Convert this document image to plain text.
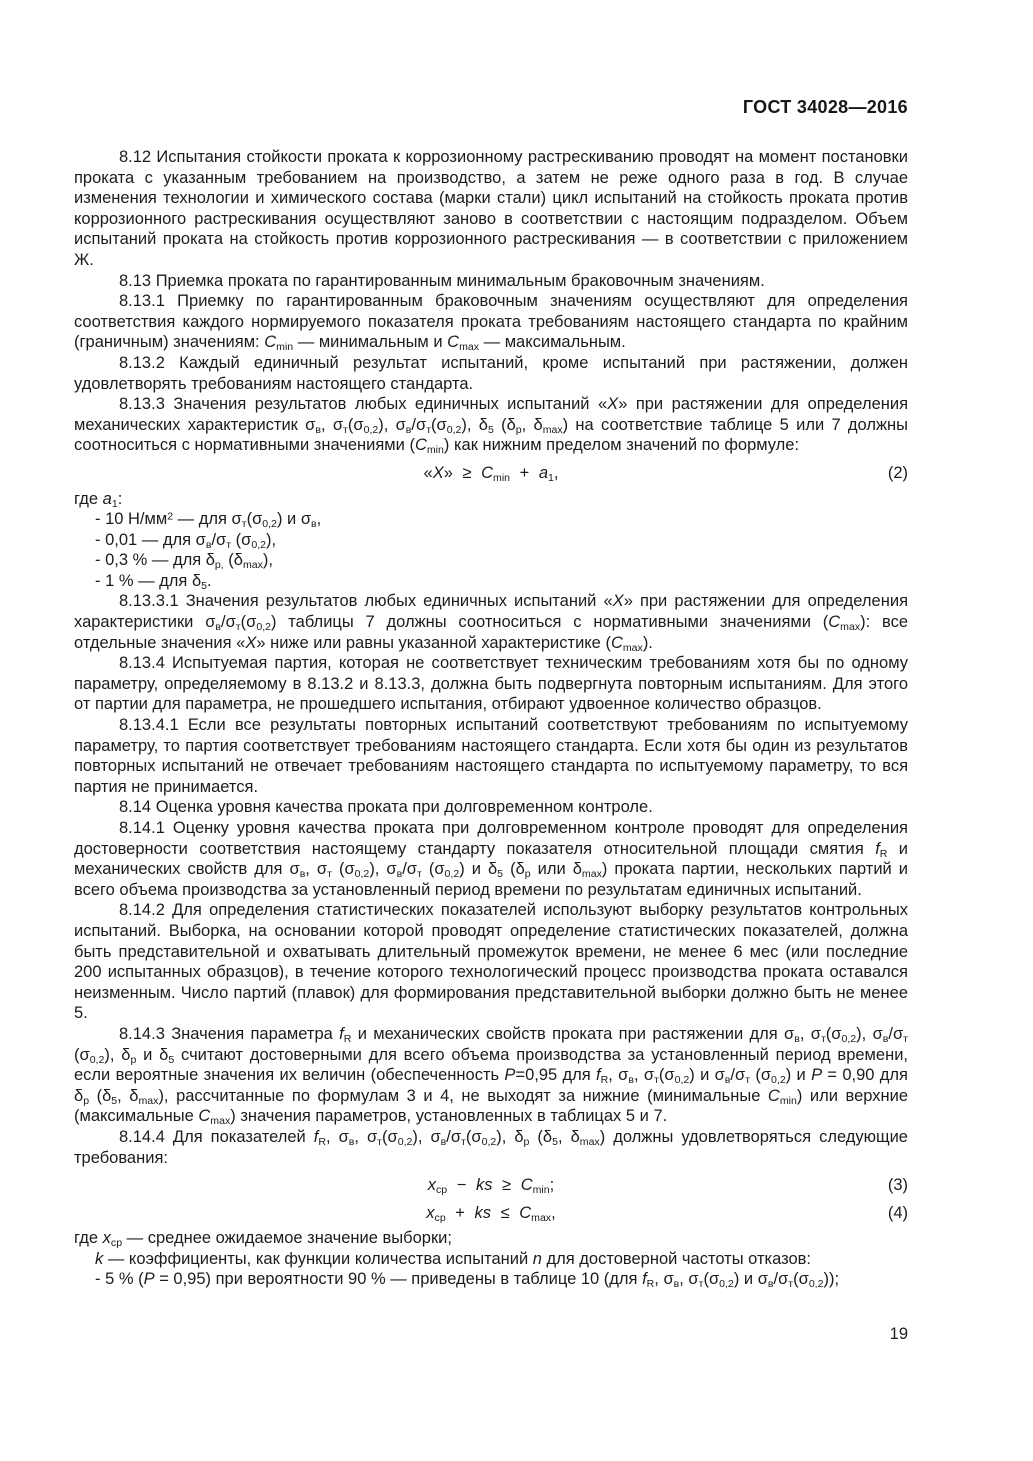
ГОСТ 34028—2016
8.12 Испытания стойкости проката к коррозионному растрескиванию проводят на момент постановки проката с указанным требованием на производство, а затем не реже одного раза в год. В случае изменения технологии и химического состава (марки стали) цикл испытаний на стойкость проката против коррозионного растрескивания осуществляют заново в соответствии с настоящим подразделом. Объем испытаний проката на стойкость против коррозионного растрескивания — в соответствии с приложением Ж.
8.13 Приемка проката по гарантированным минимальным браковочным значениям.
8.13.1 Приемку по гарантированным браковочным значениям осуществляют для определения соответствия каждого нормируемого показателя проката требованиям настоящего стандарта по крайним (граничным) значениям: $C_{min}$ — минимальным и $C_{max}$ — максимальным.
8.13.2 Каждый единичный результат испытаний, кроме испытаний при растяжении, должен удовлетворять требованиям настоящего стандарта.
8.13.3 Значения результатов любых единичных испытаний «X» при растяжении для определения механических характеристик $\sigma_в$, $\sigma_т(\sigma_{0,2})$, $\sigma_в/\sigma_т(\sigma_{0,2})$, $\delta_5$ ($\delta_p$, $\delta_{max}$) на соответствие таблице 5 или 7 должны соотноситься с нормативными значениями $(C_{min})$ как нижним пределом значений по формуле:
«X» ≥ $C_{min} + a_1$,	(2)
где $a_1$:
- 10 $Н/мм^2$ — для $\sigma_т(\sigma_{0,2})$ и $\sigma_в$,
- 0,01 — для $\sigma_в/\sigma_т$ $(\sigma_{0,2})$,
- 0,3 % — для $\delta_{p,}$ $(\delta_{max})$,
- 1 % — для $\delta_5$.
8.13.3.1 Значения результатов любых единичных испытаний «X» при растяжении для определения характеристики $\sigma_в/\sigma_т(\sigma_{0,2})$ таблицы 7 должны соотноситься с нормативными значениями $(C_{max})$: все отдельные значения «X» ниже или равны указанной характеристике $(C_{max})$.
8.13.4 Испытуемая партия, которая не соответствует техническим требованиям хотя бы по одному параметру, определяемому в 8.13.2 и 8.13.3, должна быть подвергнута повторным испытаниям. Для этого от партии для параметра, не прошедшего испытания, отбирают удвоенное количество образцов.
8.13.4.1 Если все результаты повторных испытаний соответствуют требованиям по испытуемому параметру, то партия соответствует требованиям настоящего стандарта. Если хотя бы один из результатов повторных испытаний не отвечает требованиям настоящего стандарта по испытуемому параметру, то вся партия не принимается.
8.14 Оценка уровня качества проката при долговременном контроле.
8.14.1 Оценку уровня качества проката при долговременном контроле проводят для определения достоверности соответствия настоящему стандарту показателя относительной площади смятия $f_R$ и механических свойств для $\sigma_в$, $\sigma_т$ $(\sigma_{0,2})$, $\sigma_в/\sigma_т$ $(\sigma_{0,2})$ и $\delta_5$ ($\delta_p$ или $\delta_{max}$) проката партии, нескольких партий и всего объема производства за установленный период времени по результатам единичных испытаний.
8.14.2 Для определения статистических показателей используют выборку результатов контрольных испытаний. Выборка, на основании которой проводят определение статистических показателей, должна быть представительной и охватывать длительный промежуток времени, не менее 6 мес (или последние 200 испытанных образцов), в течение которого технологический процесс производства проката оставался неизменным. Число партий (плавок) для формирования представительной выборки должно быть не менее 5.
8.14.3 Значения параметра $f_R$ и механических свойств проката при растяжении для $\sigma_в$, $\sigma_т(\sigma_{0,2})$, $\sigma_в/\sigma_т$ $(\sigma_{0,2})$, $\delta_p$ и $\delta_5$ считают достоверными для всего объема производства за установленный период времени, если вероятные значения их величин (обеспеченность P=0,95 для $f_R$, $\sigma_в$, $\sigma_т(\sigma_{0,2})$ и $\sigma_в/\sigma_т$ $(\sigma_{0,2})$ и P = 0,90 для $\delta_p$ ($\delta_5$, $\delta_{max}$), рассчитанные по формулам 3 и 4, не выходят за нижние (минимальные $C_{min}$) или верхние (максимальные $C_{max}$) значения параметров, установленных в таблицах 5 и 7.
8.14.4 Для показателей $f_R$, $\sigma_в$, $\sigma_т(\sigma_{0,2})$, $\sigma_в/\sigma_т(\sigma_{0,2})$, $\delta_p$ ($\delta_5$, $\delta_{max}$) должны удовлетворяться следующие требования:
$x_{ср}$ − ks ≥ $C_{min}$;	(3)
$x_{ср}$ + ks ≤ $C_{max}$,	(4)
где $x_{ср}$ — среднее ожидаемое значение выборки;
k — коэффициенты, как функции количества испытаний n для достоверной частоты отказов:
- 5 % (P = 0,95) при вероятности 90 % — приведены в таблице 10 (для $f_R$, $\sigma_в$, $\sigma_т(\sigma_{0,2})$ и $\sigma_в/\sigma_т(\sigma_{0,2})$);
19
